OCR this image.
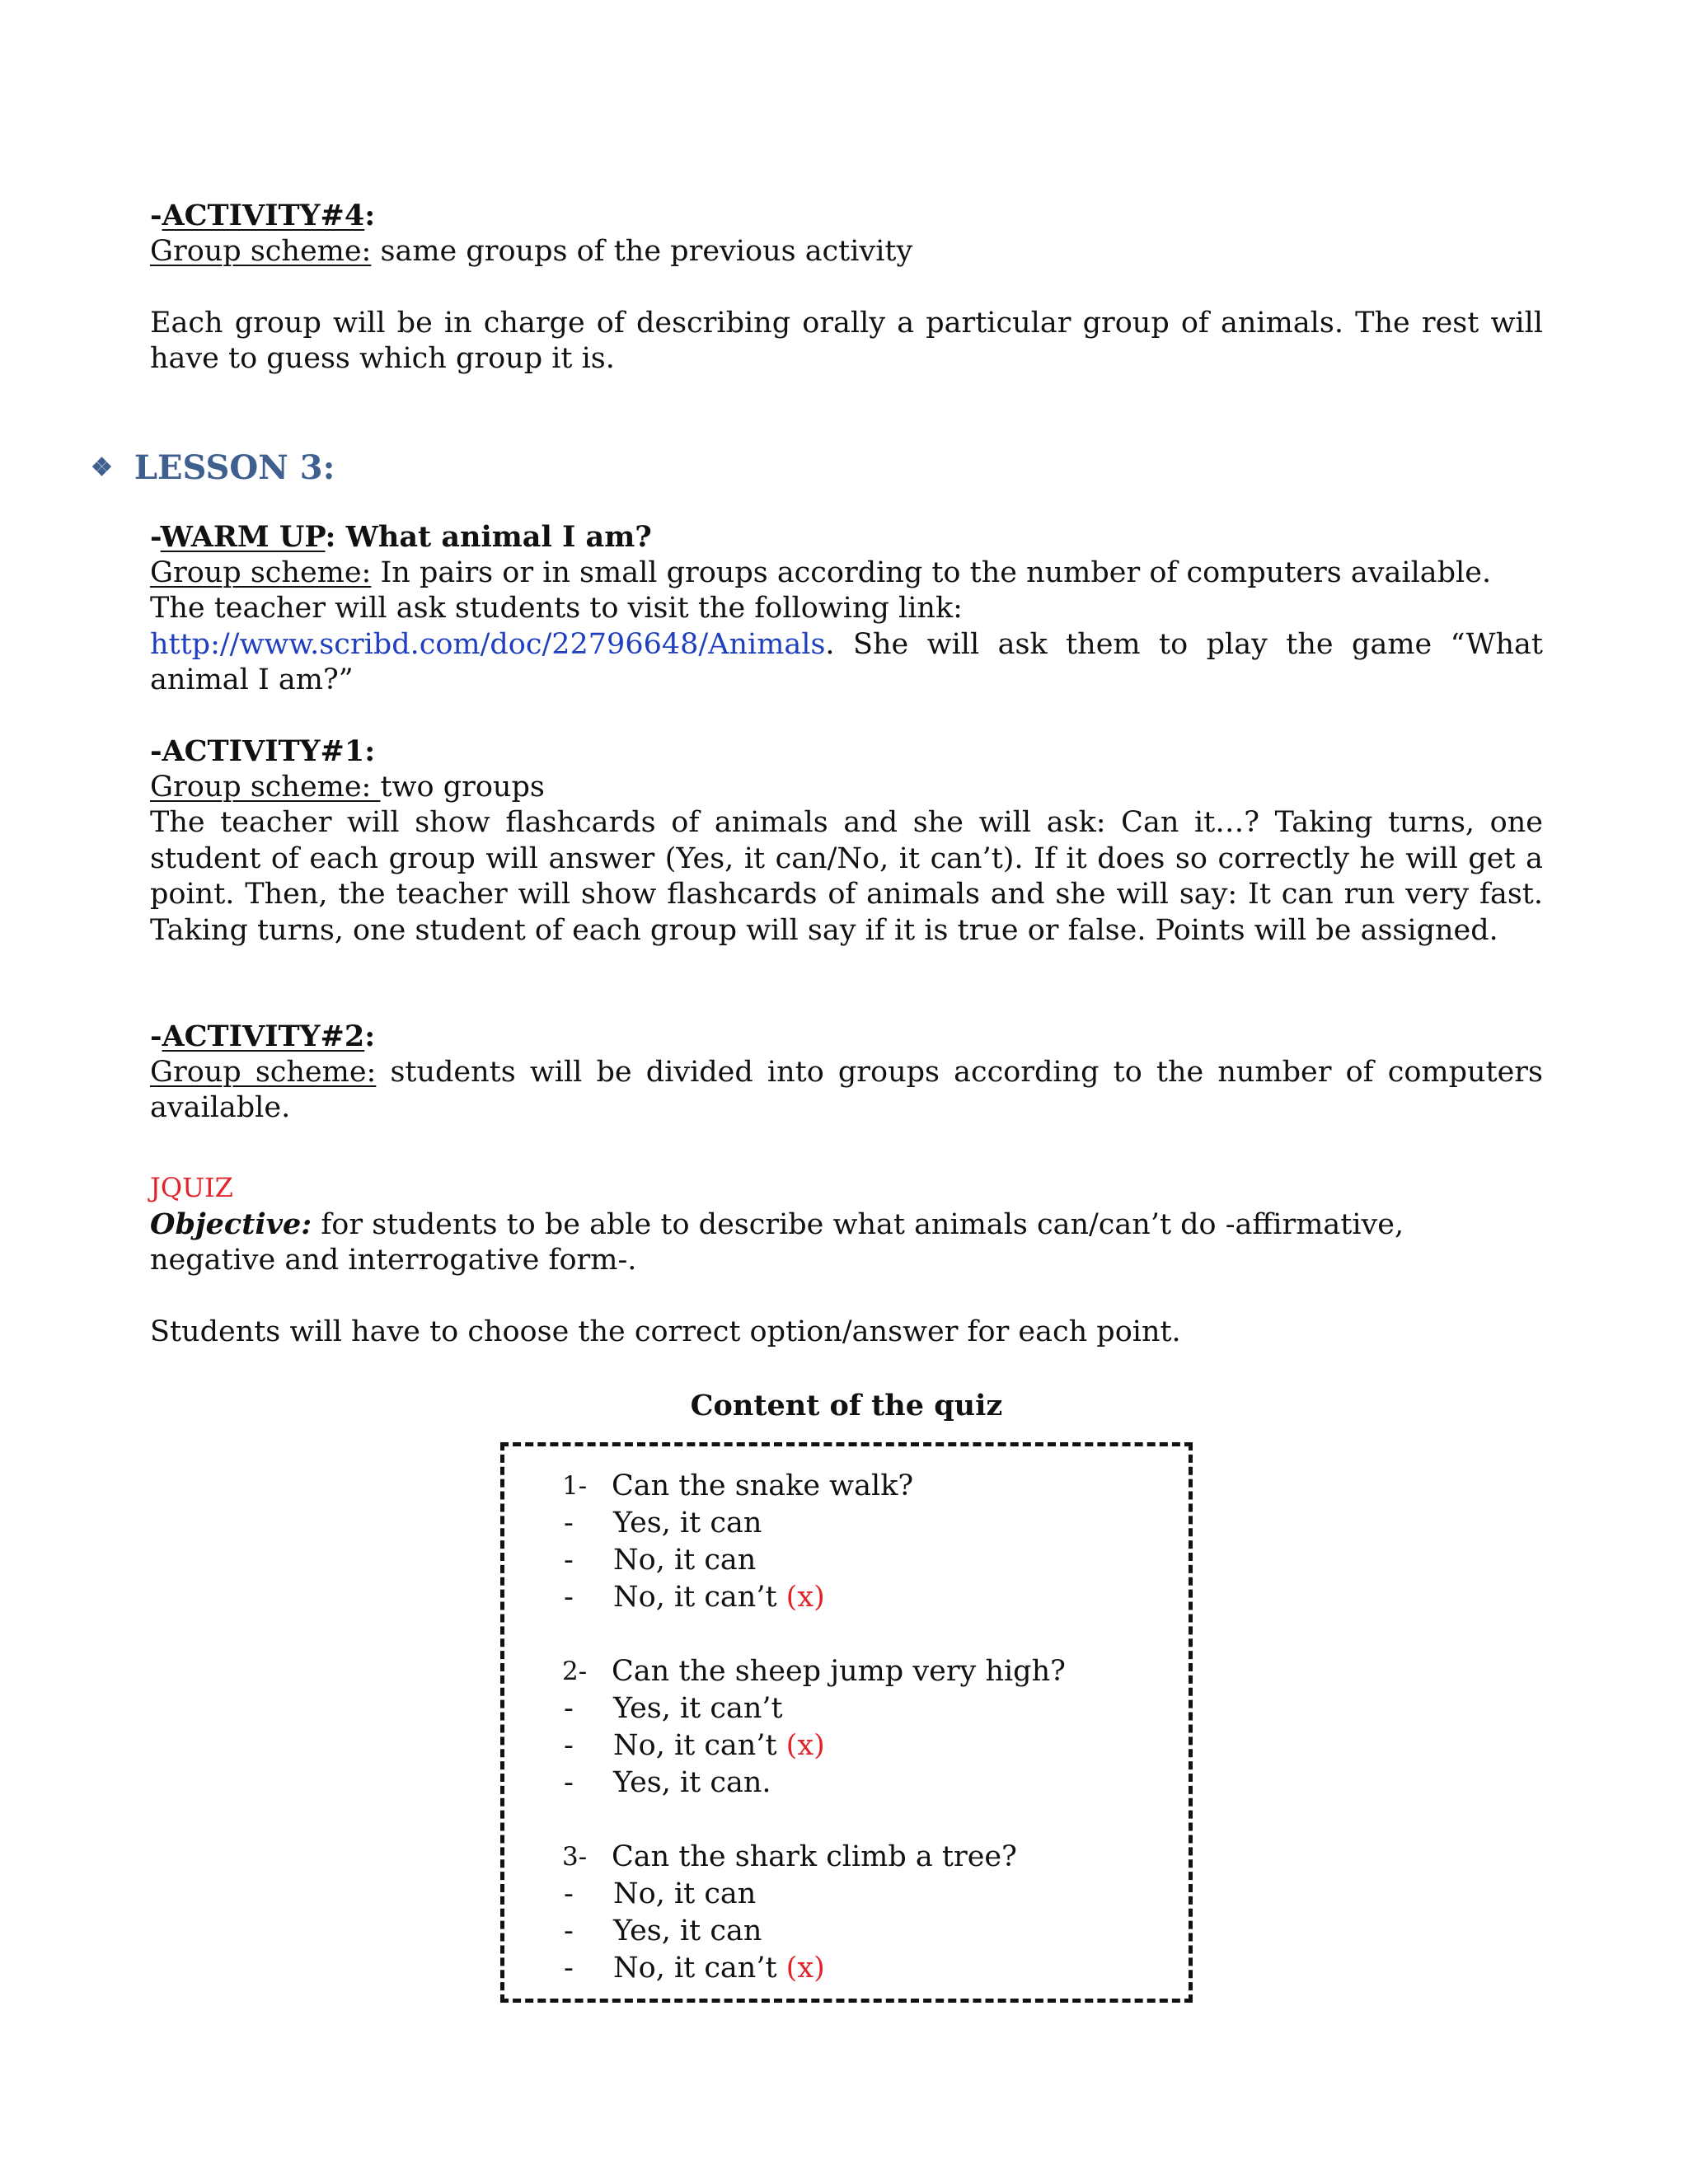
-ACTIVITY#4:

Group scheme: same groups of the previous activity

Each group will be in charge of describing orally a particular group of animals. The rest will have to guess which group it is.

❖ LESSON 3:

-WARM UP: What animal I am?

Group scheme: In pairs or in small groups according to the number of computers available.

The teacher will ask students to visit the following link:

http://www.scribd.com/doc/22796648/Animals. She will ask them to play the game “What animal I am?”

-ACTIVITY#1:

Group scheme: two groups

The teacher will show flashcards of animals and she will ask: Can it…? Taking turns, one student of each group will answer (Yes, it can/No, it can’t). If it does so correctly he will get a point. Then, the teacher will show flashcards of animals and she will say: It can run very fast. Taking turns, one student of each group will say if it is true or false. Points will be assigned.

-ACTIVITY#2:

Group scheme: students will be divided into groups according to the number of computers available.

JQUIZ

Objective: for students to be able to describe what animals can/can’t do -affirmative, negative and interrogative form-.

Students will have to choose the correct option/answer for each point.

Content of the quiz
1- Can the snake walk?
-	Yes, it can
-	No, it can
-	No, it can’t (x)
2- Can the sheep jump very high?
-	Yes, it can’t
-	No, it can’t (x)
-	Yes, it can.
3- Can the shark climb a tree?
-	No, it can
-	Yes, it can
-	No, it can’t (x)
